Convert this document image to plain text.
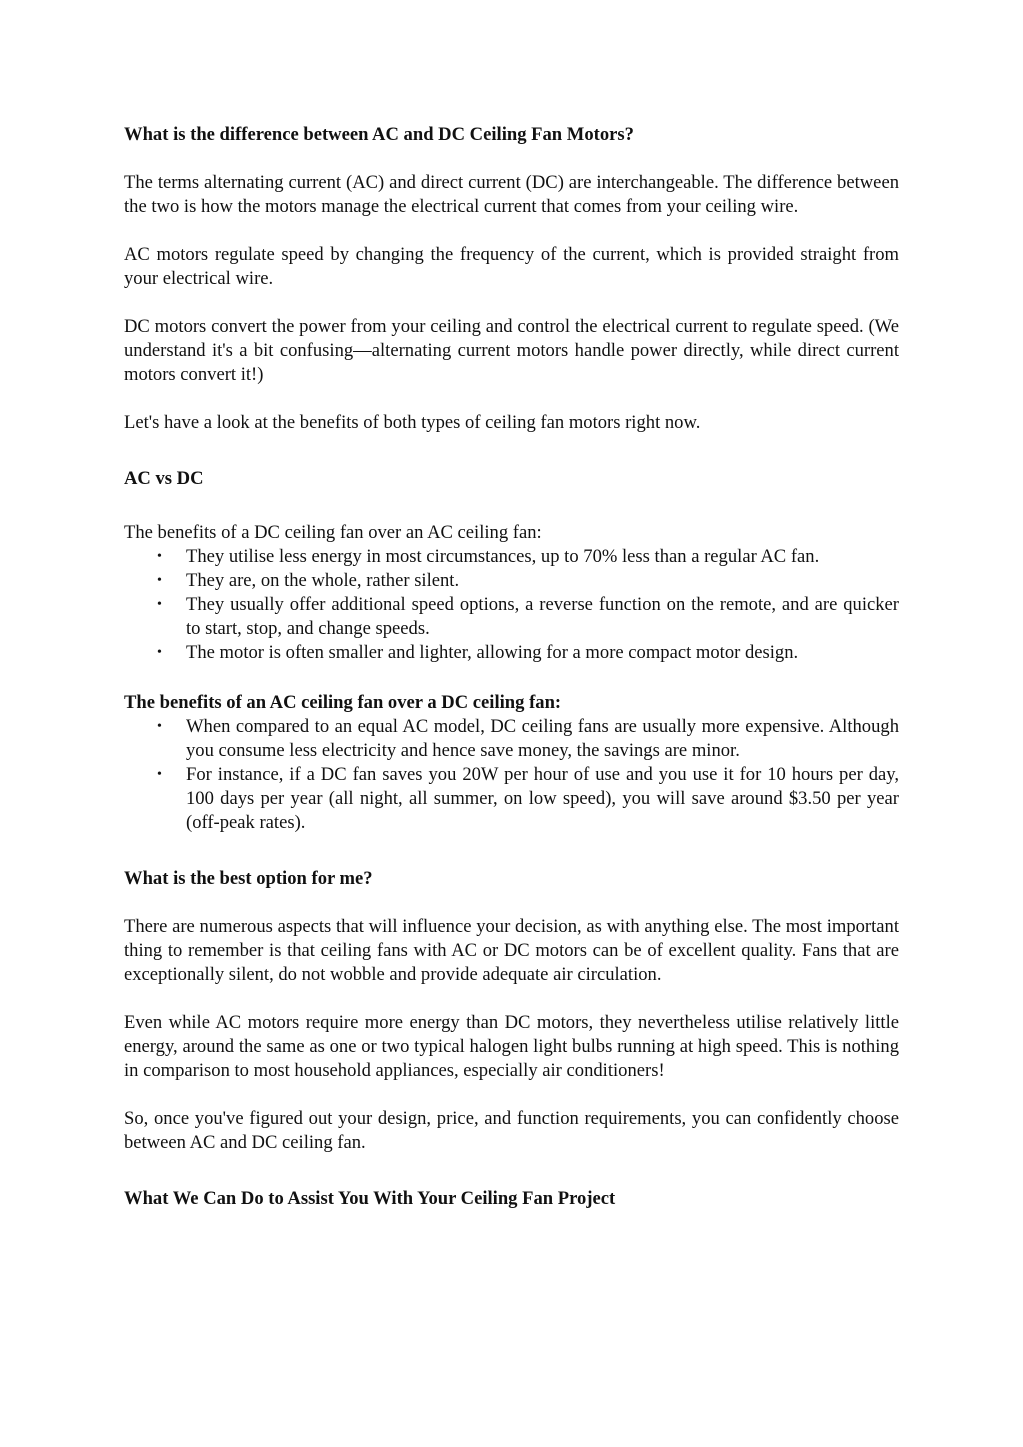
What is the difference between AC and DC Ceiling Fan Motors?

The terms alternating current (AC) and direct current (DC) are interchangeable. The difference between the two is how the motors manage the electrical current that comes from your ceiling wire.

AC motors regulate speed by changing the frequency of the current, which is provided straight from your electrical wire.

DC motors convert the power from your ceiling and control the electrical current to regulate speed. (We understand it's a bit confusing—alternating current motors handle power directly, while direct current motors convert it!)

Let's have a look at the benefits of both types of ceiling fan motors right now.

AC vs DC

The benefits of a DC ceiling fan over an AC ceiling fan:

• They utilise less energy in most circumstances, up to 70% less than a regular AC fan.
• They are, on the whole, rather silent.
• They usually offer additional speed options, a reverse function on the remote, and are quicker to start, stop, and change speeds.
• The motor is often smaller and lighter, allowing for a more compact motor design.

The benefits of an AC ceiling fan over a DC ceiling fan:

• When compared to an equal AC model, DC ceiling fans are usually more expensive. Although you consume less electricity and hence save money, the savings are minor.
• For instance, if a DC fan saves you 20W per hour of use and you use it for 10 hours per day, 100 days per year (all night, all summer, on low speed), you will save around $3.50 per year (off-peak rates).

What is the best option for me?

There are numerous aspects that will influence your decision, as with anything else. The most important thing to remember is that ceiling fans with AC or DC motors can be of excellent quality. Fans that are exceptionally silent, do not wobble and provide adequate air circulation.

Even while AC motors require more energy than DC motors, they nevertheless utilise relatively little energy, around the same as one or two typical halogen light bulbs running at high speed. This is nothing in comparison to most household appliances, especially air conditioners!

So, once you've figured out your design, price, and function requirements, you can confidently choose between AC and DC ceiling fan.

What We Can Do to Assist You With Your Ceiling Fan Project
